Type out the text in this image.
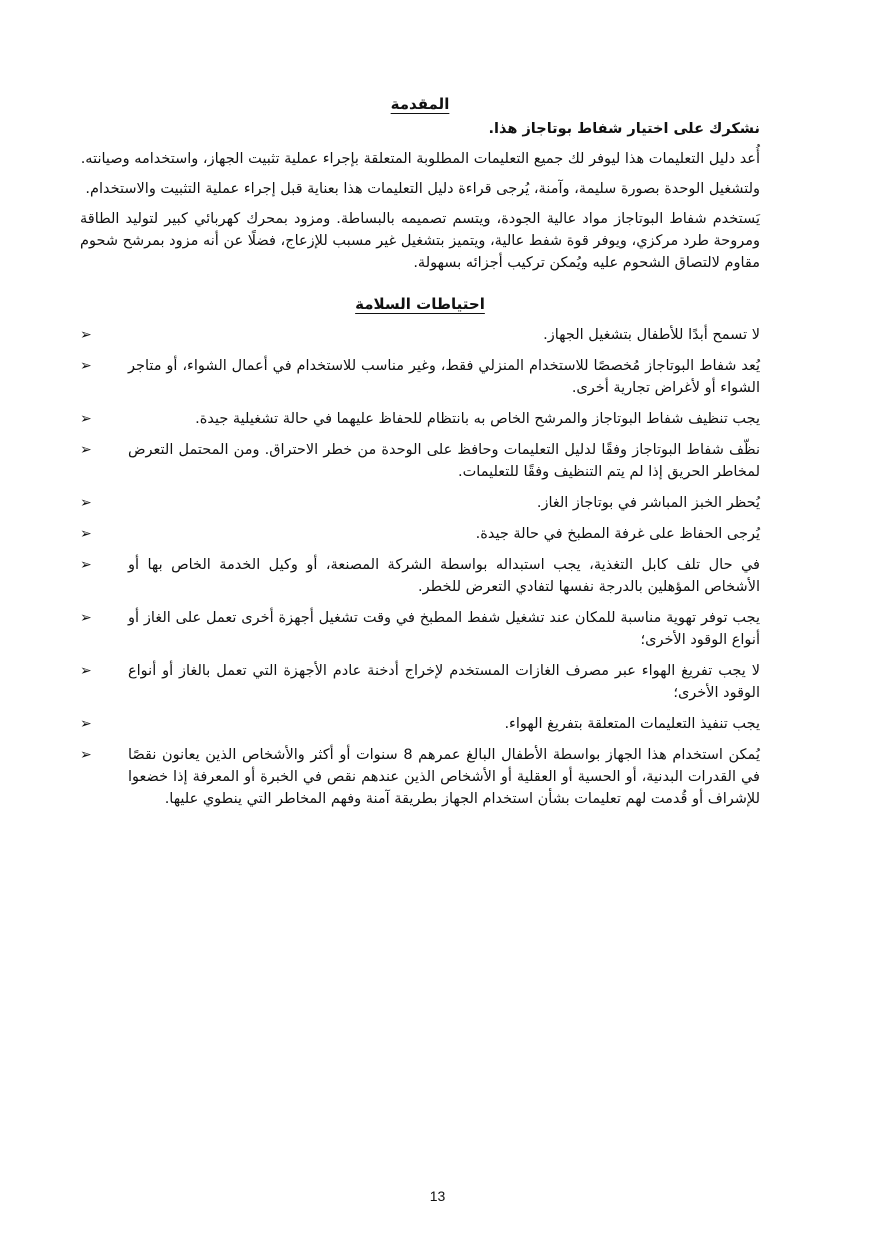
المقدمة

نشكرك على اختيار شفاط بوتاجاز هذا.

أُعد دليل التعليمات هذا ليوفر لك جميع التعليمات المطلوبة المتعلقة بإجراء عملية تثبيت الجهاز، واستخدامه وصيانته.

ولتشغيل الوحدة بصورة سليمة، وآمنة، يُرجى قراءة دليل التعليمات هذا بعناية قبل إجراء عملية التثبيت والاستخدام.

يَستخدم شفاط البوتاجاز مواد عالية الجودة، ويتسم تصميمه بالبساطة. ومزود بمحرك كهربائي كبير لتوليد الطاقة ومروحة طرد مركزي، ويوفر قوة شفط عالية، ويتميز بتشغيل غير مسبب للإزعاج، فضلًا عن أنه مزود بمرشح شحوم مقاوم لالتصاق الشحوم عليه ويُمكن تركيب أجزائه بسهولة.

احتياطات السلامة
➢	لا تسمح أبدًا للأطفال بتشغيل الجهاز.
➢	يُعد شفاط البوتاجاز مُخصصًا للاستخدام المنزلي فقط، وغير مناسب للاستخدام في أعمال الشواء، أو متاجر الشواء أو لأغراض تجارية أخرى.
➢	يجب تنظيف شفاط البوتاجاز والمرشح الخاص به بانتظام للحفاظ عليهما في حالة تشغيلية جيدة.
➢	نظّف شفاط البوتاجاز وفقًا لدليل التعليمات وحافظ على الوحدة من خطر الاحتراق. ومن المحتمل التعرض لمخاطر الحريق إذا لم يتم التنظيف وفقًا للتعليمات.
➢	يُحظر الخبز المباشر في بوتاجاز الغاز.
➢	يُرجى الحفاظ على غرفة المطبخ في حالة جيدة.
➢	في حال تلف كابل التغذية، يجب استبداله بواسطة الشركة المصنعة، أو وكيل الخدمة الخاص بها أو الأشخاص المؤهلين بالدرجة نفسها لتفادي التعرض للخطر.
➢	يجب توفر تهوية مناسبة للمكان عند تشغيل شفط المطبخ في وقت تشغيل أجهزة أخرى تعمل على الغاز أو أنواع الوقود الأخرى؛
➢	لا يجب تفريغ الهواء عبر مصرف الغازات المستخدم لإخراج أدخنة عادم الأجهزة التي تعمل بالغاز أو أنواع الوقود الأخرى؛
➢	يجب تنفيذ التعليمات المتعلقة بتفريغ الهواء.
➢	يُمكن استخدام هذا الجهاز بواسطة الأطفال البالغ عمرهم 8 سنوات أو أكثر والأشخاص الذين يعانون نقصًا في القدرات البدنية، أو الحسية أو العقلية أو الأشخاص الذين عندهم نقص في الخبرة أو المعرفة إذا خضعوا للإشراف أو قُدمت لهم تعليمات بشأن استخدام الجهاز بطريقة آمنة وفهم المخاطر التي ينطوي عليها.
13
